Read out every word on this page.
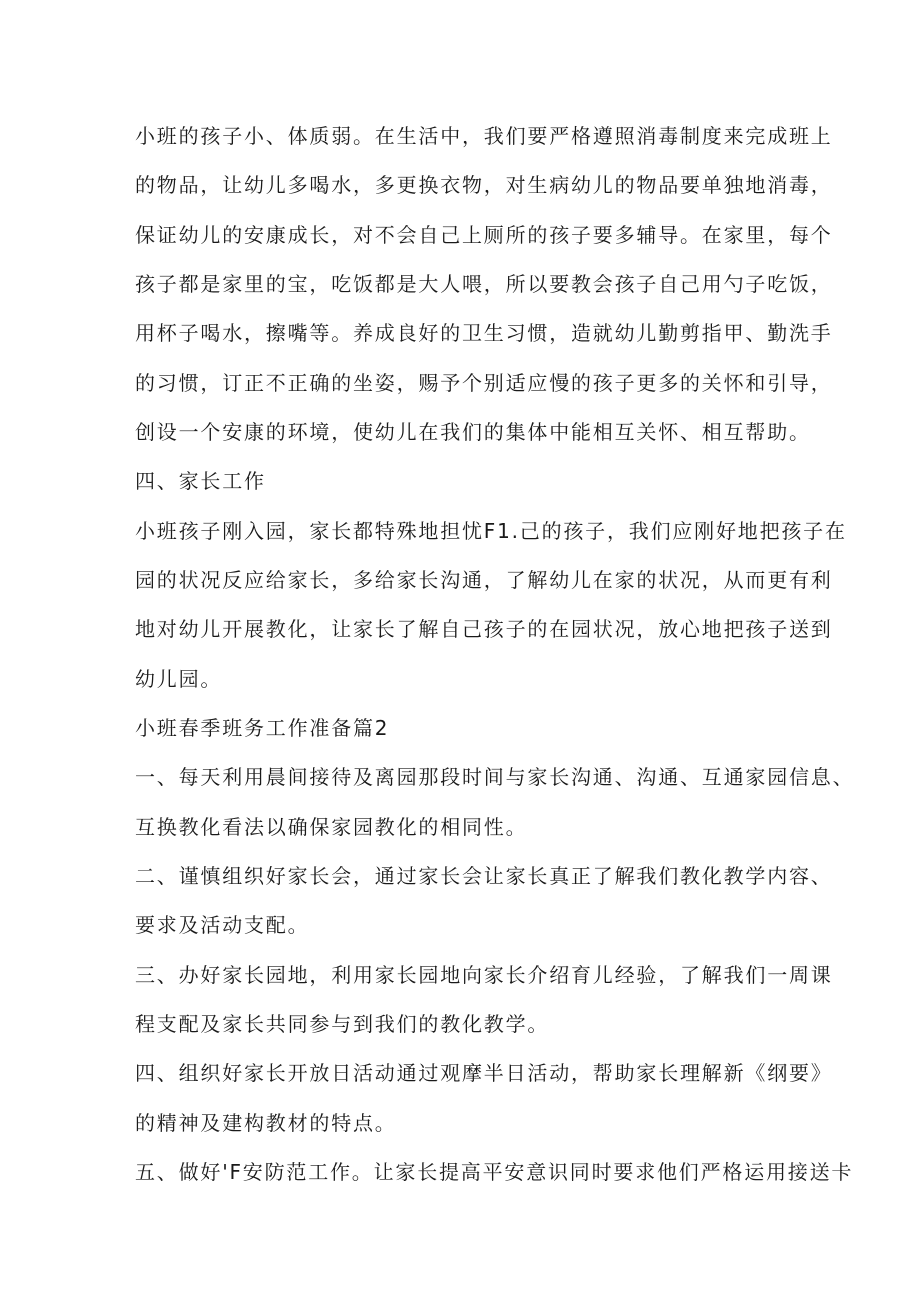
小班的孩子小、体质弱。在生活中，我们要严格遵照消毒制度来完成班上
的物品，让幼儿多喝水，多更换衣物，对生病幼儿的物品要单独地消毒，
保证幼儿的安康成长，对不会自己上厕所的孩子要多辅导。在家里，每个
孩子都是家里的宝，吃饭都是大人喂，所以要教会孩子自己用勺子吃饭，
用杯子喝水，擦嘴等。养成良好的卫生习惯，造就幼儿勤剪指甲、勤洗手
的习惯，订正不正确的坐姿，赐予个别适应慢的孩子更多的关怀和引导，
创设一个安康的环境，使幼儿在我们的集体中能相互关怀、相互帮助。
四、家长工作
小班孩子刚入园，家长都特殊地担忧F1.己的孩子，我们应刚好地把孩子在
园的状况反应给家长，多给家长沟通，了解幼儿在家的状况，从而更有利
地对幼儿开展教化，让家长了解自己孩子的在园状况，放心地把孩子送到
幼儿园。
小班春季班务工作准备篇2
一、每天利用晨间接待及离园那段时间与家长沟通、沟通、互通家园信息、
互换教化看法以确保家园教化的相同性。
二、谨慎组织好家长会，通过家长会让家长真正了解我们教化教学内容、
要求及活动支配。
三、办好家长园地，利用家长园地向家长介绍育儿经验，了解我们一周课
程支配及家长共同参与到我们的教化教学。
四、组织好家长开放日活动通过观摩半日活动，帮助家长理解新《纲要》
的精神及建构教材的特点。
五、做好'F安防范工作。让家长提高平安意识同时要求他们严格运用接送卡
